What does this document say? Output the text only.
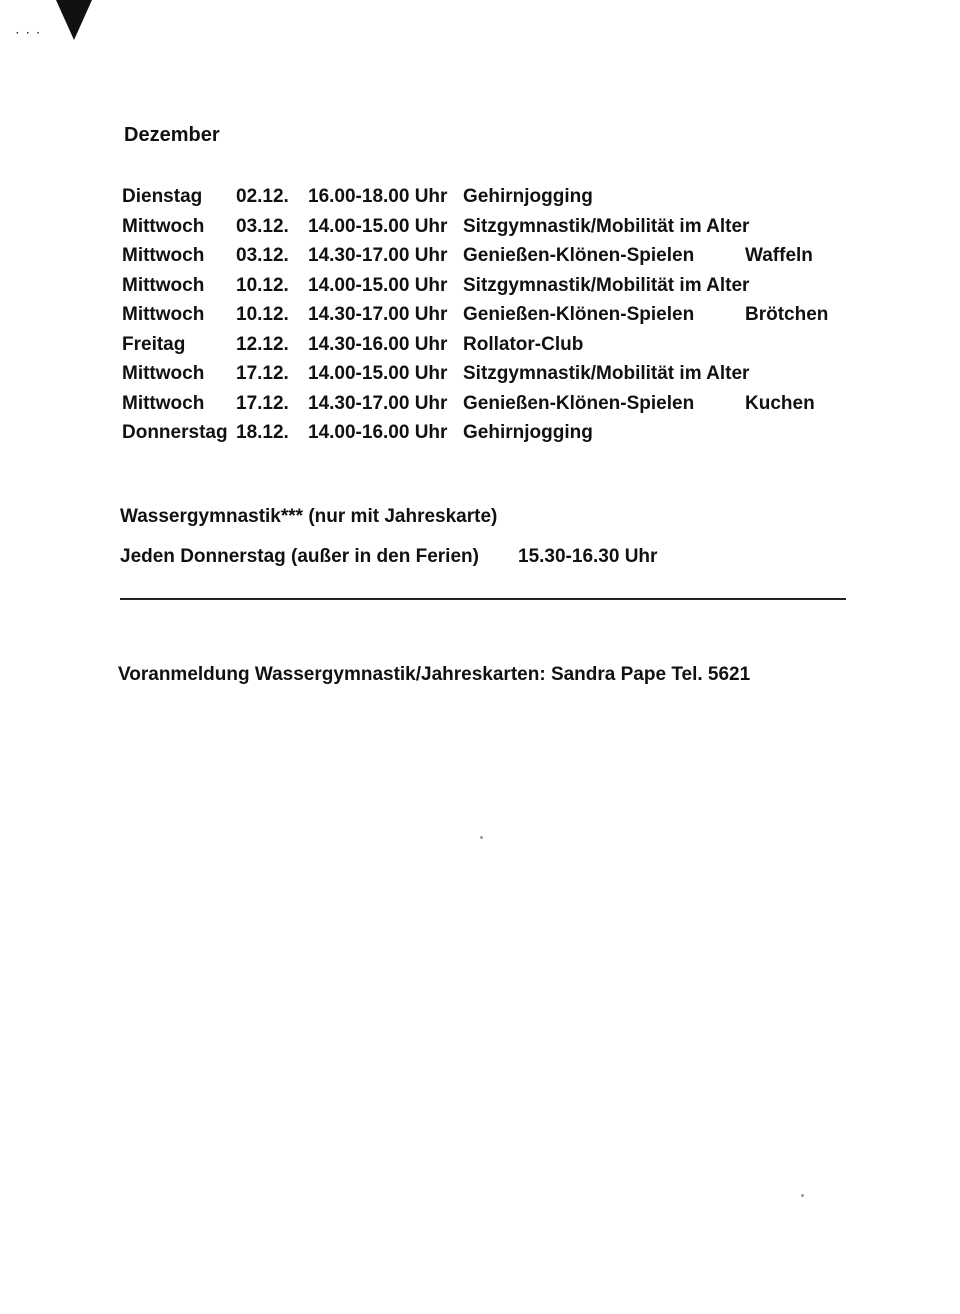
···
Dezember
Dienstag 02.12. 16.00-18.00 Uhr Gehirnjogging
Mittwoch 03.12. 14.00-15.00 Uhr Sitzgymnastik/Mobilität im Alter
Mittwoch 03.12. 14.30-17.00 Uhr Genießen-Klönen-Spielen	Waffeln
Mittwoch 10.12. 14.00-15.00 Uhr Sitzgymnastik/Mobilität im Alter
Mittwoch 10.12. 14.30-17.00 Uhr Genießen-Klönen-Spielen	Brötchen
Freitag	12.12. 14.30-16.00 Uhr Rollator-Club
Mittwoch 17.12. 14.00-15.00 Uhr Sitzgymnastik/Mobilität im Alter
Mittwoch 17.12. 14.30-17.00 Uhr Genießen-Klönen-Spielen	Kuchen
Donnerstag 18.12. 14.00-16.00 Uhr Gehirnjogging
Wassergymnastik*** (nur mit Jahreskarte)
Jeden Donnerstag (außer in den Ferien) 15.30-16.30 Uhr
Voranmeldung Wassergymnastik/Jahreskarten: Sandra Pape Tel. 5621
